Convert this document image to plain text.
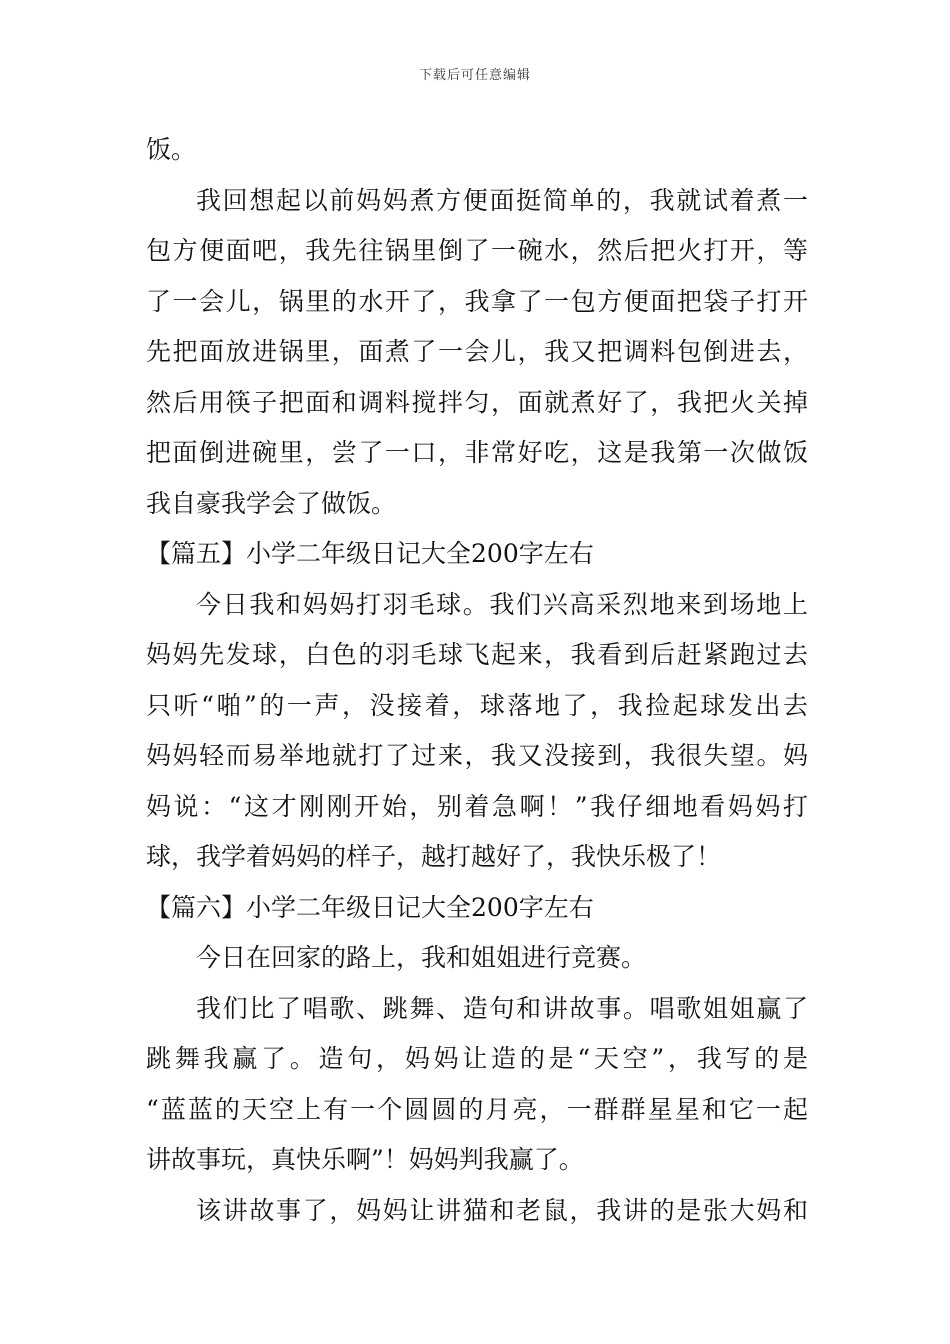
下载后可任意编辑
饭。
我回想起以前妈妈煮方便面挺简单的，我就试着煮一
包方便面吧，我先往锅里倒了一碗水，然后把火打开，等
了一会儿，锅里的水开了，我拿了一包方便面把袋子打开
先把面放进锅里，面煮了一会儿，我又把调料包倒进去，
然后用筷子把面和调料搅拌匀，面就煮好了，我把火关掉
把面倒进碗里，尝了一口，非常好吃，这是我第一次做饭
我自豪我学会了做饭。
【篇五】小学二年级日记大全200字左右
今日我和妈妈打羽毛球。我们兴高采烈地来到场地上
妈妈先发球，白色的羽毛球飞起来，我看到后赶紧跑过去
只听“啪”的一声，没接着，球落地了，我捡起球发出去
妈妈轻而易举地就打了过来，我又没接到，我很失望。妈
妈说：“这才刚刚开始，别着急啊！”我仔细地看妈妈打
球，我学着妈妈的样子，越打越好了，我快乐极了！
【篇六】小学二年级日记大全200字左右
今日在回家的路上，我和姐姐进行竞赛。
我们比了唱歌、跳舞、造句和讲故事。唱歌姐姐赢了
跳舞我赢了。造句，妈妈让造的是“天空”，我写的是
“蓝蓝的天空上有一个圆圆的月亮，一群群星星和它一起
讲故事玩，真快乐啊”！妈妈判我赢了。
该讲故事了，妈妈让讲猫和老鼠，我讲的是张大妈和
